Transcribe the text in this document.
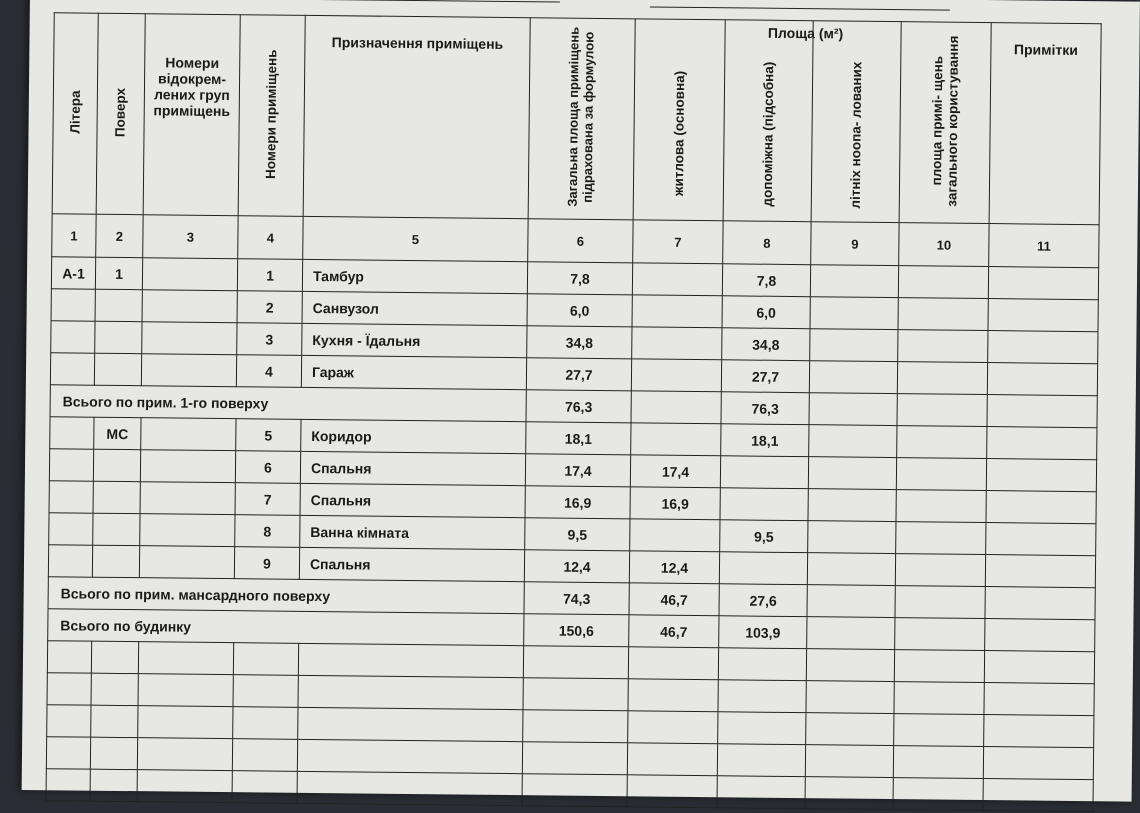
Літера	Поверх	Номери відокрем- лених груп приміщень	Номери приміщень	Призначення приміщень	Загальна площа приміщень підрахована за формулою	Площа (м²)
житлова (основна)	допоміжна (підсобна)	літніх ноопа- лованих	площа примі- щень загального користування	Примітки
1	2	3	4	5	6	7	8	9	10	11
А-1	1		1	Тамбур	7,8		7,8			
			2	Санвузол	6,0		6,0			
			3	Кухня - Їдальня	34,8		34,8			
			4	Гараж	27,7		27,7			
Всього по прим. 1-го поверху					76,3		76,3			
	МС		5	Коридор	18,1		18,1			
			6	Спальня	17,4	17,4				
			7	Спальня	16,9	16,9				
			8	Ванна кімната	9,5		9,5			
			9	Спальня	12,4	12,4				
Всього по прим. мансардного поверху					74,3	46,7	27,6			
Всього по будинку					150,6	46,7	103,9			
